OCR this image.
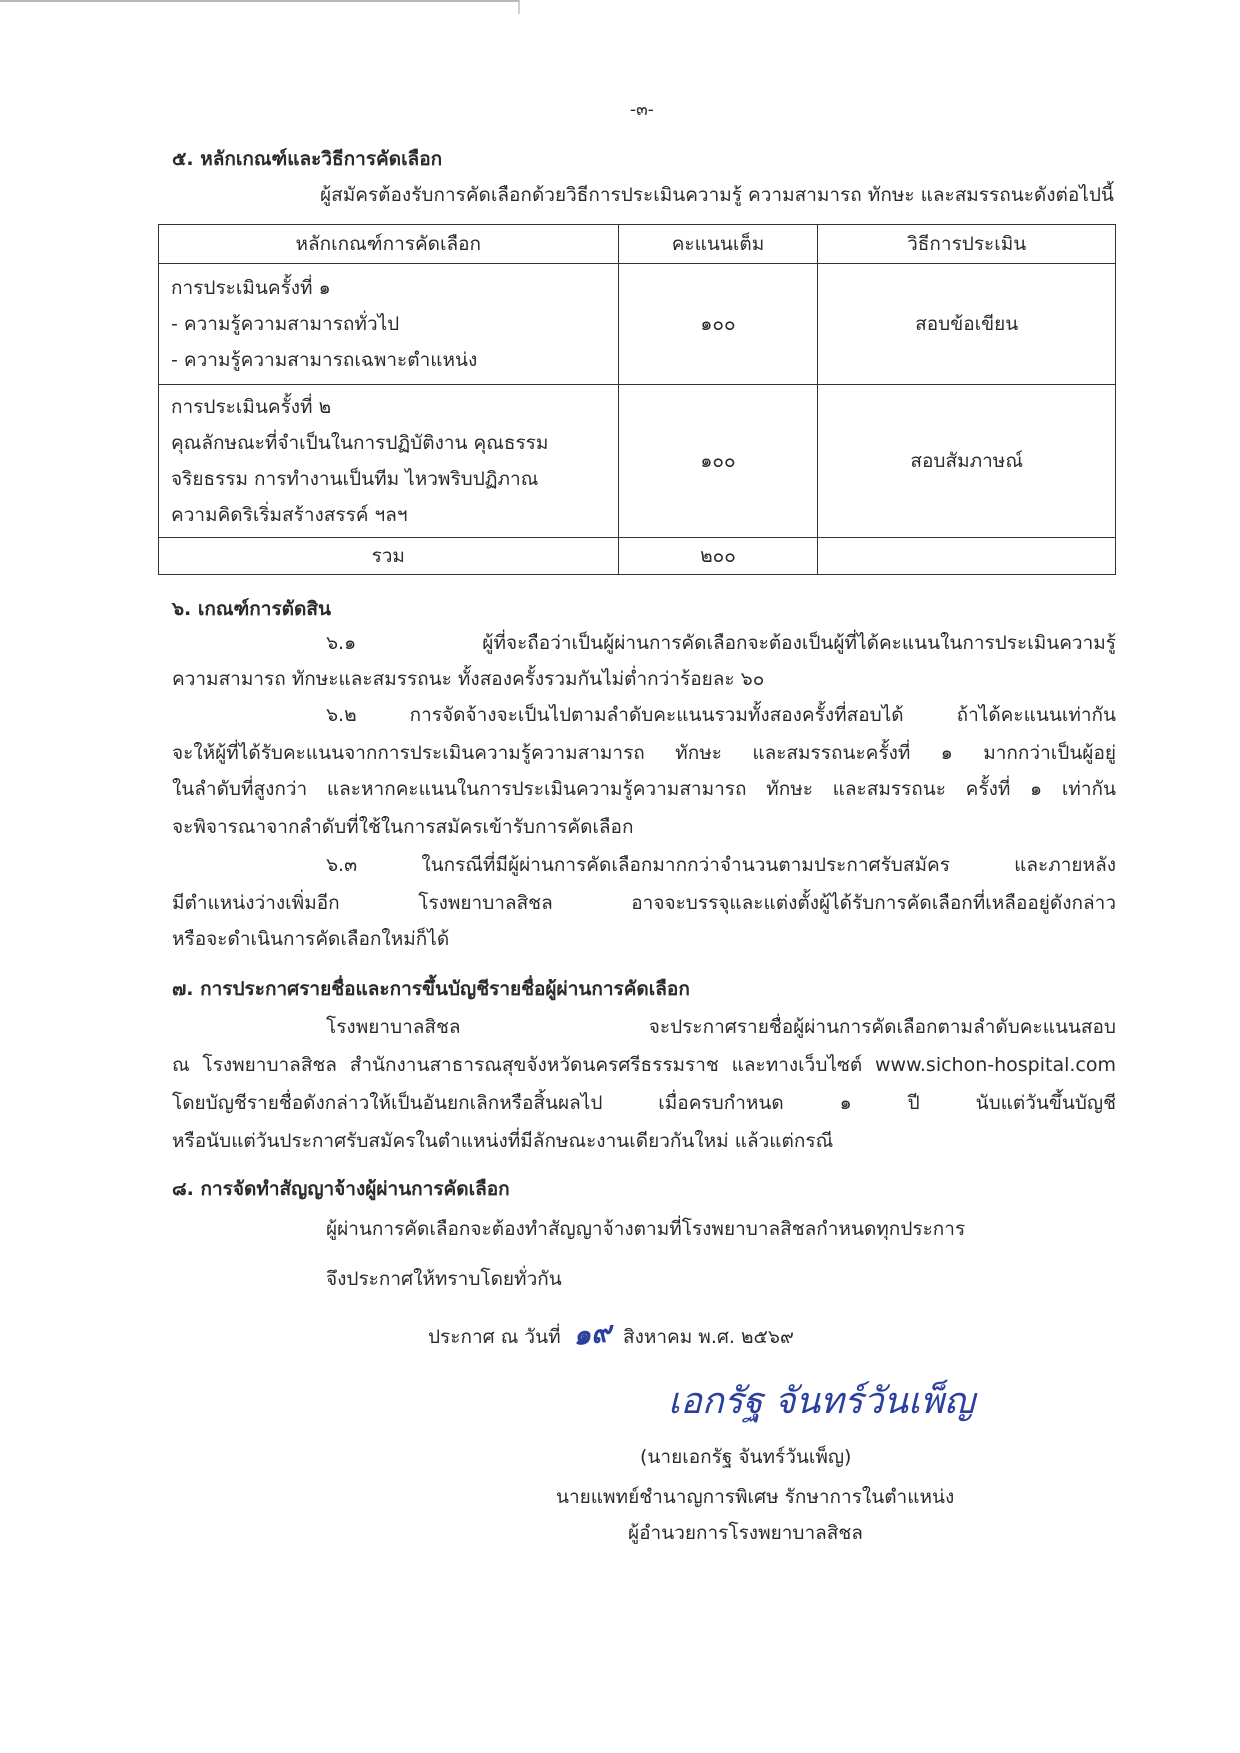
-๓-
๕. หลักเกณฑ์และวิธีการคัดเลือก
ผู้สมัครต้องรับการคัดเลือกด้วยวิธีการประเมินความรู้ ความสามารถ ทักษะ และสมรรถนะดังต่อไปนี้
หลักเกณฑ์การคัดเลือก	คะแนนเต็ม	วิธีการประเมิน

การประเมินครั้งที่ ๑
- ความรู้ความสามารถทั่วไป
- ความรู้ความสามารถเฉพาะตำแหน่ง	๑๐๐	สอบข้อเขียน

การประเมินครั้งที่ ๒
คุณลักษณะที่จำเป็นในการปฏิบัติงาน คุณธรรม
จริยธรรม การทำงานเป็นทีม ไหวพริบปฏิภาณ
ความคิดริเริ่มสร้างสรรค์ ฯลฯ	๑๐๐	สอบสัมภาษณ์
รวม	๒๐๐	
๖. เกณฑ์การตัดสิน
๖.๑ ผู้ที่จะถือว่าเป็นผู้ผ่านการคัดเลือกจะต้องเป็นผู้ที่ได้คะแนนในการประเมินความรู้
ความสามารถ ทักษะและสมรรถนะ ทั้งสองครั้งรวมกันไม่ต่ำกว่าร้อยละ ๖๐
๖.๒ การจัดจ้างจะเป็นไปตามลำดับคะแนนรวมทั้งสองครั้งที่สอบได้ ถ้าได้คะแนนเท่ากัน
จะให้ผู้ที่ได้รับคะแนนจากการประเมินความรู้ความสามารถ ทักษะ และสมรรถนะครั้งที่ ๑ มากกว่าเป็นผู้อยู่
ในลำดับที่สูงกว่า และหากคะแนนในการประเมินความรู้ความสามารถ ทักษะ และสมรรถนะ ครั้งที่ ๑ เท่ากัน
จะพิจารณาจากลำดับที่ใช้ในการสมัครเข้ารับการคัดเลือก
๖.๓ ในกรณีที่มีผู้ผ่านการคัดเลือกมากกว่าจำนวนตามประกาศรับสมัคร และภายหลัง
มีตำแหน่งว่างเพิ่มอีก โรงพยาบาลสิชล อาจจะบรรจุและแต่งตั้งผู้ได้รับการคัดเลือกที่เหลืออยู่ดังกล่าว
หรือจะดำเนินการคัดเลือกใหม่ก็ได้
๗. การประกาศรายชื่อและการขึ้นบัญชีรายชื่อผู้ผ่านการคัดเลือก
โรงพยาบาลสิชล จะประกาศรายชื่อผู้ผ่านการคัดเลือกตามลำดับคะแนนสอบ
ณ โรงพยาบาลสิชล สำนักงานสาธารณสุขจังหวัดนครศรีธรรมราช และทางเว็บไซต์ www.sichon-hospital.com
โดยบัญชีรายชื่อดังกล่าวให้เป็นอันยกเลิกหรือสิ้นผลไป เมื่อครบกำหนด ๑ ปี นับแต่วันขึ้นบัญชี
หรือนับแต่วันประกาศรับสมัครในตำแหน่งที่มีลักษณะงานเดียวกันใหม่ แล้วแต่กรณี
๘. การจัดทำสัญญาจ้างผู้ผ่านการคัดเลือก
ผู้ผ่านการคัดเลือกจะต้องทำสัญญาจ้างตามที่โรงพยาบาลสิชลกำหนดทุกประการ
จึงประกาศให้ทราบโดยทั่วกัน
ประกาศ ณ วันที่ ๑๙ สิงหาคม พ.ศ. ๒๕๖๙
เอกรัฐ จันทร์วันเพ็ญ
(นายเอกรัฐ จันทร์วันเพ็ญ)
นายแพทย์ชำนาญการพิเศษ รักษาการในตำแหน่ง
ผู้อำนวยการโรงพยาบาลสิชล
